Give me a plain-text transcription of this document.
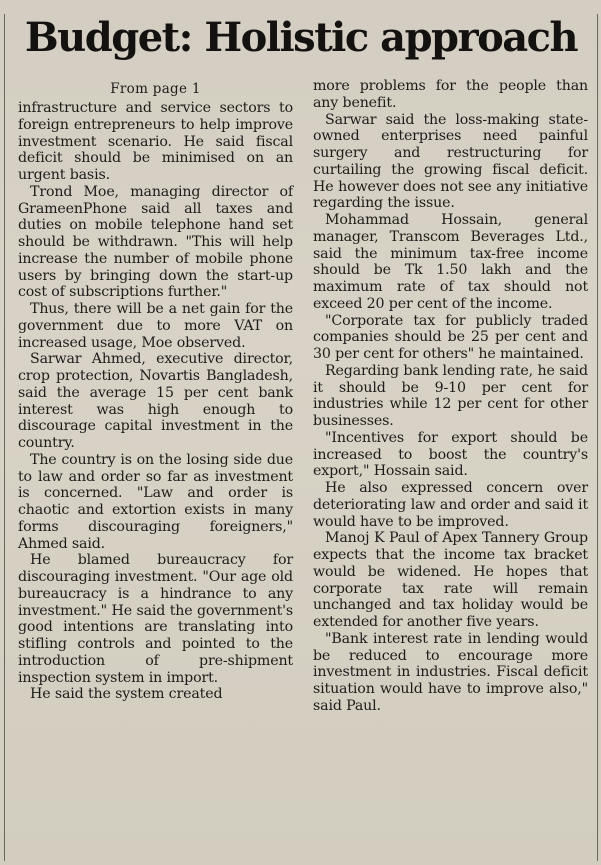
Budget: Holistic approach

From page 1

infrastructure and service sectors to foreign entrepreneurs to help improve investment scenario. He said fiscal deficit should be minimised on an urgent basis.

Trond Moe, managing director of GrameenPhone said all taxes and duties on mobile telephone hand set should be withdrawn. "This will help increase the number of mobile phone users by bringing down the start-up cost of subscriptions further."

Thus, there will be a net gain for the government due to more VAT on increased usage, Moe observed.

Sarwar Ahmed, executive director, crop protection, Novartis Bangladesh, said the average 15 per cent bank interest was high enough to discourage capital investment in the country.

The country is on the losing side due to law and order so far as investment is concerned. "Law and order is chaotic and extortion exists in many forms discouraging foreigners," Ahmed said.

He blamed bureaucracy for discouraging investment. "Our age old bureaucracy is a hindrance to any investment." He said the government's good intentions are translating into stifling controls and pointed to the introduction of pre-shipment inspection system in import.

He said the system created

more problems for the people than any benefit.

Sarwar said the loss-making state-owned enterprises need painful surgery and restructuring for curtailing the growing fiscal deficit. He however does not see any initiative regarding the issue.

Mohammad Hossain, general manager, Transcom Beverages Ltd., said the minimum tax-free income should be Tk 1.50 lakh and the maximum rate of tax should not exceed 20 per cent of the income.

"Corporate tax for publicly traded companies should be 25 per cent and 30 per cent for others" he maintained.

Regarding bank lending rate, he said it should be 9-10 per cent for industries while 12 per cent for other businesses.

"Incentives for export should be increased to boost the country's export," Hossain said.

He also expressed concern over deteriorating law and order and said it would have to be improved.

Manoj K Paul of Apex Tannery Group expects that the income tax bracket would be widened. He hopes that corporate tax rate will remain unchanged and tax holiday would be extended for another five years.

"Bank interest rate in lending would be reduced to encourage more investment in industries. Fiscal deficit situation would have to improve also," said Paul.
